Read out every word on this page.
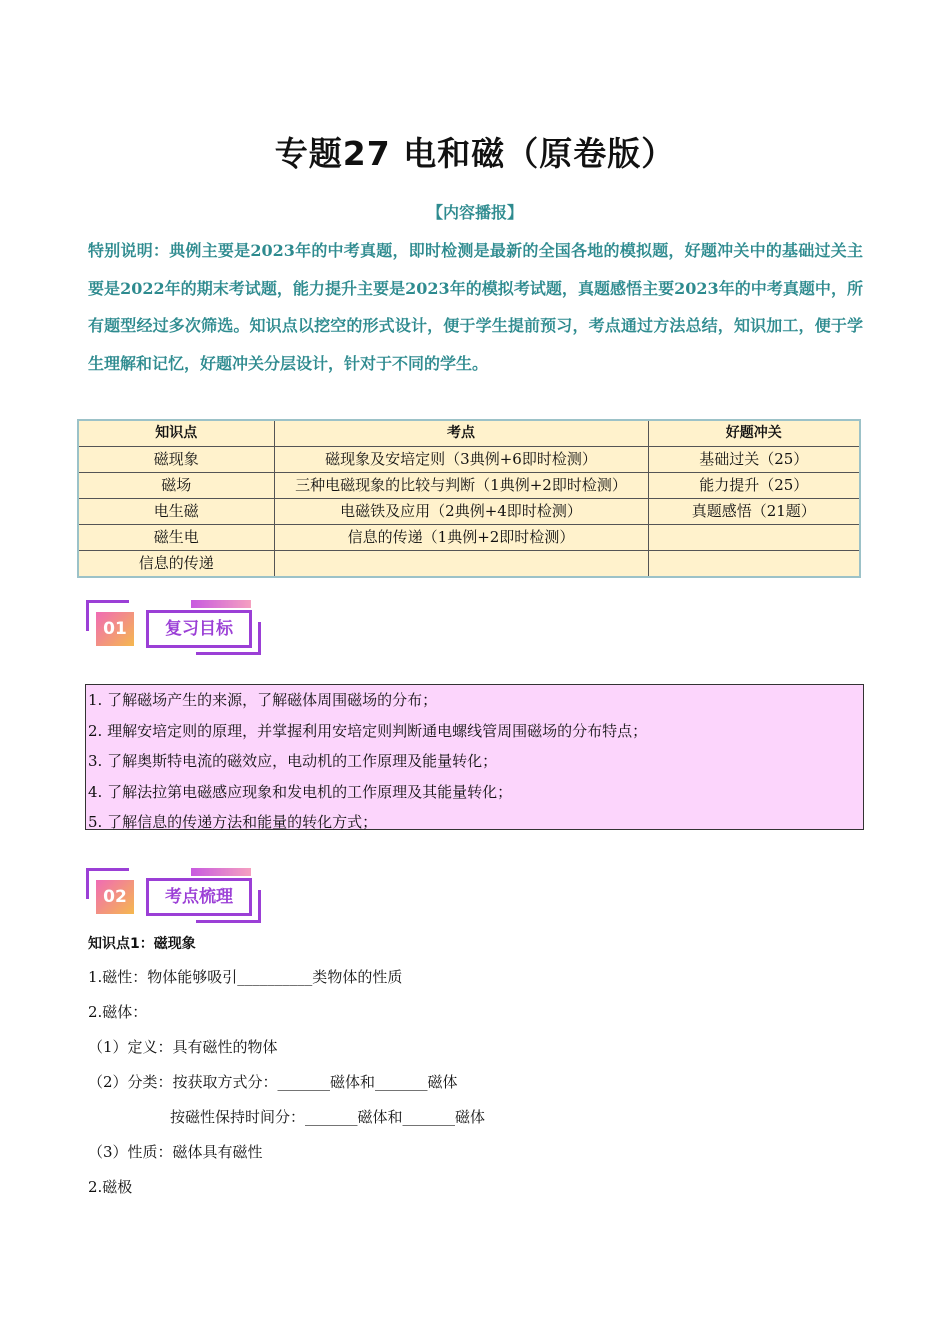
专题27 电和磁（原卷版）
【内容播报】
特别说明：典例主要是2023年的中考真题，即时检测是最新的全国各地的模拟题，好题冲关中的基础过关主要是2022年的期末考试题，能力提升主要是2023年的模拟考试题，真题感悟主要2023年的中考真题中，所有题型经过多次筛选。知识点以挖空的形式设计，便于学生提前预习，考点通过方法总结，知识加工，便于学生理解和记忆，好题冲关分层设计，针对于不同的学生。
知识点	考点	好题冲关
磁现象	磁现象及安培定则（3典例+6即时检测）	基础过关（25）
磁场	三种电磁现象的比较与判断（1典例+2即时检测）	能力提升（25）
电生磁	电磁铁及应用（2典例+4即时检测）	真题感悟（21题）
磁生电	信息的传递（1典例+2即时检测）	
信息的传递		
01	复习目标
1. 了解磁场产生的来源，了解磁体周围磁场的分布；
2. 理解安培定则的原理，并掌握利用安培定则判断通电螺线管周围磁场的分布特点；
3. 了解奥斯特电流的磁效应，电动机的工作原理及能量转化；
4. 了解法拉第电磁感应现象和发电机的工作原理及其能量转化；
5. 了解信息的传递方法和能量的转化方式；
02	考点梳理
知识点1：磁现象
1.磁性：物体能够吸引__________类物体的性质
2.磁体：
（1）定义：具有磁性的物体
（2）分类：按获取方式分：_______磁体和_______磁体
按磁性保持时间分：_______磁体和_______磁体
（3）性质：磁体具有磁性
2.磁极
